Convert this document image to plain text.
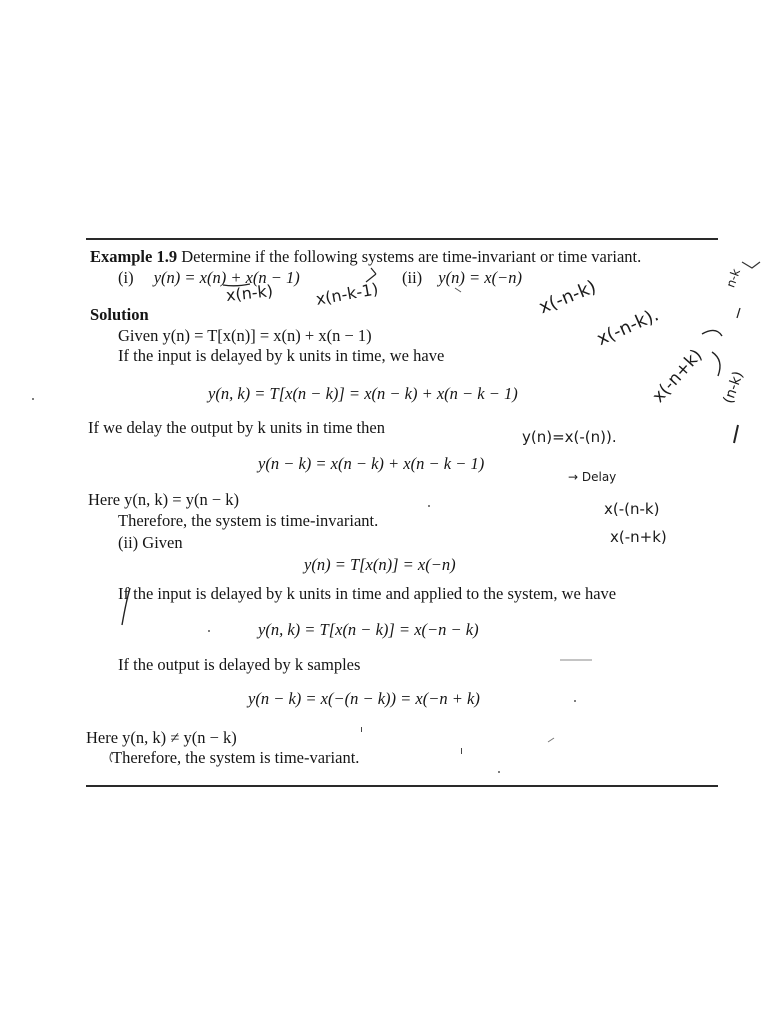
Example 1.9 Determine if the following systems are time-invariant or time variant.
(i) y(n) = x(n) + x(n − 1)	(ii) y(n) = x(−n)
Solution
Given y(n) = T[x(n)] = x(n) + x(n − 1)
If the input is delayed by k units in time, we have
y(n, k) = T[x(n − k)] = x(n − k) + x(n − k − 1)
If we delay the output by k units in time then
y(n − k) = x(n − k) + x(n − k − 1)
Here y(n, k) = y(n − k)
Therefore, the system is time-invariant.
(ii) Given
y(n) = T[x(n)] = x(−n)
If the input is delayed by k units in time and applied to the system, we have
y(n, k) = T[x(n − k)] = x(−n − k)
If the output is delayed by k samples
y(n − k) = x(−(n − k)) = x(−n + k)
Here y(n, k) ≠ y(n − k)
Therefore, the system is time-variant.
x(n-k)	x(n-k-1)	x(-n-k)
x(-n-k).
x(-n+k)
y(n)=x(-(n)).
→ Delay
x(-(n-k)
x(-n+k)
(n-k)
n-k
